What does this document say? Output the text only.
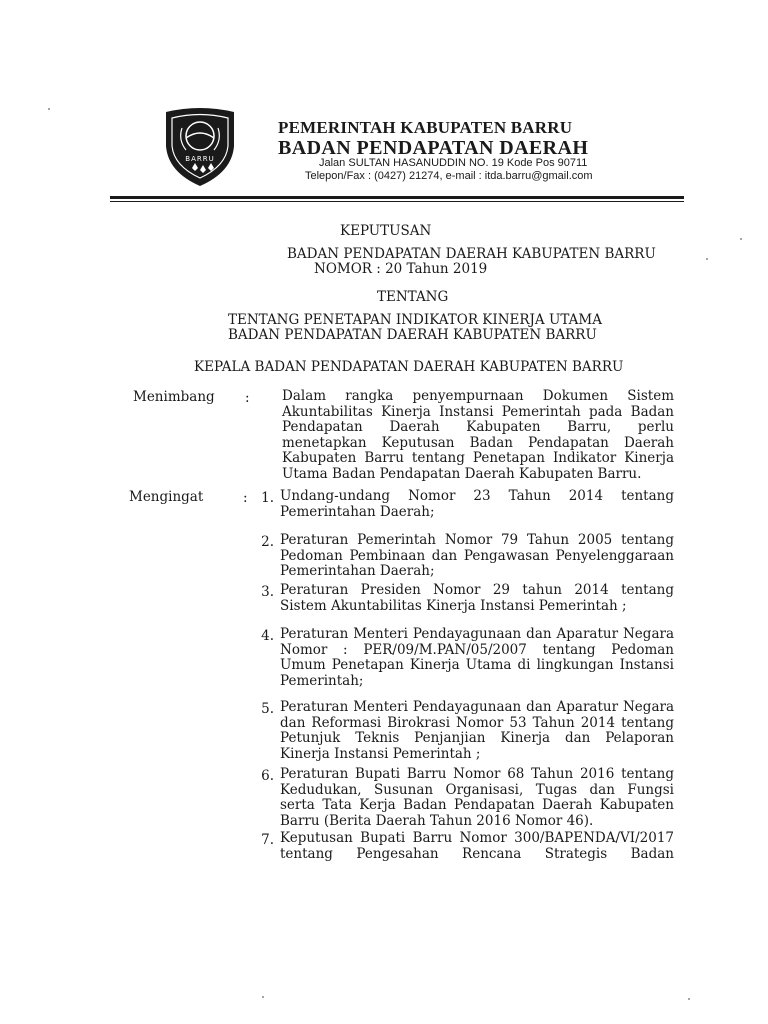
BARRU
PEMERINTAH KABUPATEN BARRU
BADAN PENDAPATAN DAERAH
Jalan SULTAN HASANUDDIN NO. 19 Kode Pos 90711
Telepon/Fax : (0427) 21274, e-mail : itda.barru@gmail.com
KEPUTUSAN
BADAN PENDAPATAN DAERAH KABUPATEN BARRU
NOMOR : 20 Tahun 2019
TENTANG
TENTANG PENETAPAN INDIKATOR KINERJA UTAMA
BADAN PENDAPATAN DAERAH KABUPATEN BARRU
KEPALA BADAN PENDAPATAN DAERAH KABUPATEN BARRU
Menimbang : Dalam rangka penyempurnaan Dokumen Sistem
Akuntabilitas Kinerja Instansi Pemerintah pada Badan
Pendapatan Daerah Kabupaten Barru, perlu
menetapkan Keputusan Badan Pendapatan Daerah
Kabupaten Barru tentang Penetapan Indikator Kinerja
Utama Badan Pendapatan Daerah Kabupaten Barru.
Mengingat	:	1. Undang-undang Nomor 23 Tahun 2014 tentang
Pemerintahan Daerah;
2. Peraturan Pemerintah Nomor 79 Tahun 2005 tentang
Pedoman Pembinaan dan Pengawasan Penyelenggaraan
Pemerintahan Daerah;
3. Peraturan Presiden Nomor 29 tahun 2014 tentang
Sistem Akuntabilitas Kinerja Instansi Pemerintah ;
4. Peraturan Menteri Pendayagunaan dan Aparatur Negara
Nomor : PER/09/M.PAN/05/2007 tentang Pedoman
Umum Penetapan Kinerja Utama di lingkungan Instansi
Pemerintah;
5. Peraturan Menteri Pendayagunaan dan Aparatur Negara
dan Reformasi Birokrasi Nomor 53 Tahun 2014 tentang
Petunjuk Teknis Penjanjian Kinerja dan Pelaporan
Kinerja Instansi Pemerintah ;
6. Peraturan Bupati Barru Nomor 68 Tahun 2016 tentang
Kedudukan, Susunan Organisasi, Tugas dan Fungsi
serta Tata Kerja Badan Pendapatan Daerah Kabupaten
Barru (Berita Daerah Tahun 2016 Nomor 46).
7. Keputusan Bupati Barru Nomor 300/BAPENDA/VI/2017
tentang Pengesahan Rencana Strategis Badan
